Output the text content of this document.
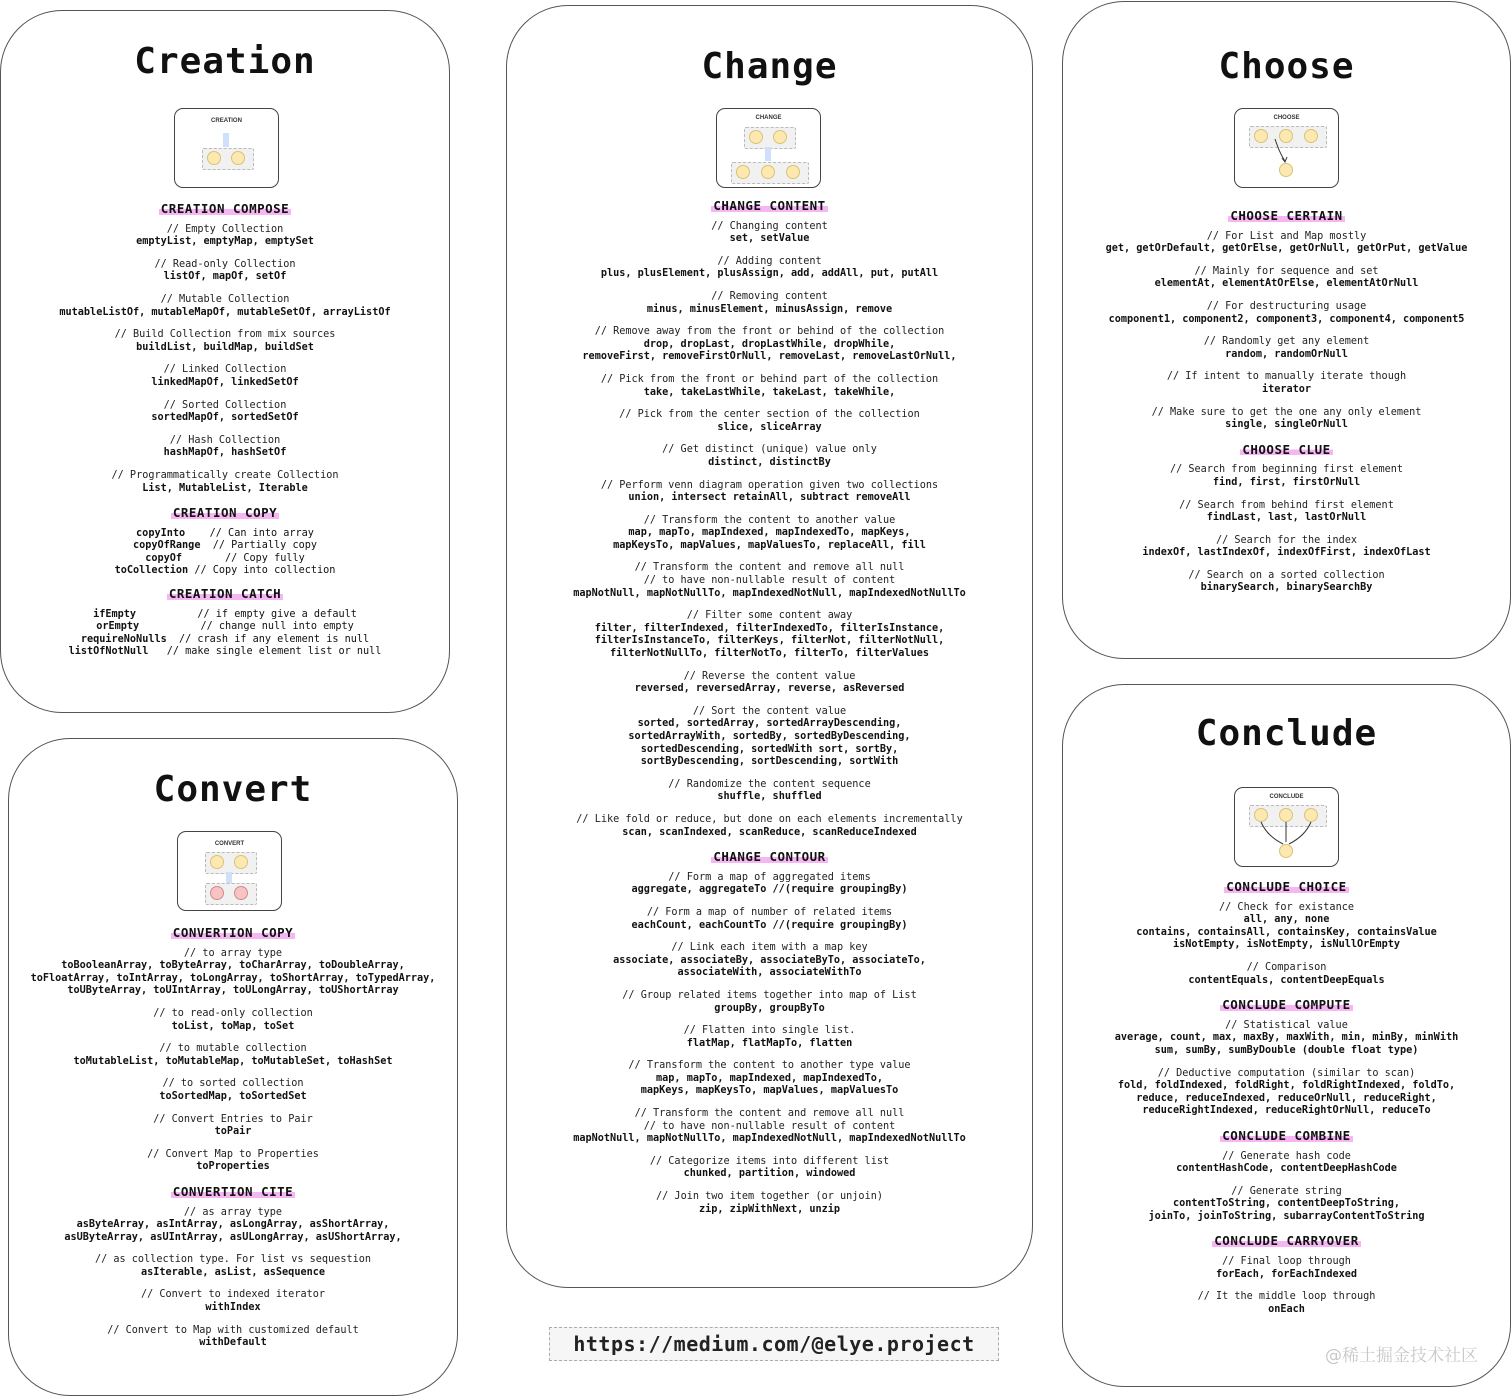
Creation
CREATION
CREATION COMPOSE
// Empty Collection
emptyList, emptyMap, emptySet
// Read-only Collection
listOf, mapOf, setOf
// Mutable Collection
mutableListOf, mutableMapOf, mutableSetOf, arrayListOf
// Build Collection from mix sources
buildList, buildMap, buildSet
// Linked Collection
linkedMapOf, linkedSetOf
// Sorted Collection
sortedMapOf, sortedSetOf
// Hash Collection
hashMapOf, hashSetOf
// Programmatically create Collection
List, MutableList, Iterable
CREATION COPY
copyInto    // Can into array
copyOfRange  // Partially copy
copyOf       // Copy fully
toCollection // Copy into collection
CREATION CATCH
ifEmpty          // if empty give a default
orEmpty          // change null into empty
requireNoNulls  // crash if any element is null
listOfNotNull   // make single element list or null
Convert
CONVERT
CONVERTION COPY
// to array type
toBooleanArray, toByteArray, toCharArray, toDoubleArray,
toFloatArray, toIntArray, toLongArray, toShortArray, toTypedArray,
toUByteArray, toUIntArray, toULongArray, toUShortArray
// to read-only collection
toList, toMap, toSet
// to mutable collection
toMutableList, toMutableMap, toMutableSet, toHashSet
// to sorted collection
toSortedMap, toSortedSet
// Convert Entries to Pair
toPair
// Convert Map to Properties
toProperties
CONVERTION CITE
// as array type
asByteArray, asIntArray, asLongArray, asShortArray,
asUByteArray, asUIntArray, asULongArray, asUShortArray,
// as collection type. For list vs sequestion
asIterable, asList, asSequence
// Convert to indexed iterator
withIndex
// Convert to Map with customized default
withDefault
Change
CHANGE
CHANGE CONTENT
// Changing content
set, setValue
// Adding content
plus, plusElement, plusAssign, add, addAll, put, putAll
// Removing content
minus, minusElement, minusAssign, remove
// Remove away from the front or behind of the collection
drop, dropLast, dropLastWhile, dropWhile,
removeFirst, removeFirstOrNull, removeLast, removeLastOrNull,
// Pick from the front or behind part of the collection
take, takeLastWhile, takeLast, takeWhile,
// Pick from the center section of the collection
slice, sliceArray
// Get distinct (unique) value only
distinct, distinctBy
// Perform venn diagram operation given two collections
union, intersect retainAll, subtract removeAll
// Transform the content to another value
map, mapTo, mapIndexed, mapIndexedTo, mapKeys,
mapKeysTo, mapValues, mapValuesTo, replaceAll, fill
// Transform the content and remove all null
// to have non-nullable result of content
mapNotNull, mapNotNullTo, mapIndexedNotNull, mapIndexedNotNullTo
// Filter some content away
filter, filterIndexed, filterIndexedTo, filterIsInstance,
filterIsInstanceTo, filterKeys, filterNot, filterNotNull,
filterNotNullTo, filterNotTo, filterTo, filterValues
// Reverse the content value
reversed, reversedArray, reverse, asReversed
// Sort the content value
sorted, sortedArray, sortedArrayDescending,
sortedArrayWith, sortedBy, sortedByDescending,
sortedDescending, sortedWith sort, sortBy,
sortByDescending, sortDescending, sortWith
// Randomize the content sequence
shuffle, shuffled
// Like fold or reduce, but done on each elements incrementally
scan, scanIndexed, scanReduce, scanReduceIndexed
CHANGE CONTOUR
// Form a map of aggregated items
aggregate, aggregateTo //(require groupingBy)
// Form a map of number of related items
eachCount, eachCountTo //(require groupingBy)
// Link each item with a map key
associate, associateBy, associateByTo, associateTo,
associateWith, associateWithTo
// Group related items together into map of List
groupBy, groupByTo
// Flatten into single list.
flatMap, flatMapTo, flatten
// Transform the content to another type value
map, mapTo, mapIndexed, mapIndexedTo,
mapKeys, mapKeysTo, mapValues, mapValuesTo
// Transform the content and remove all null
// to have non-nullable result of content
mapNotNull, mapNotNullTo, mapIndexedNotNull, mapIndexedNotNullTo
// Categorize items into different list
chunked, partition, windowed
// Join two item together (or unjoin)
zip, zipWithNext, unzip
Choose
CHOOSE
CHOOSE CERTAIN
// For List and Map mostly
get, getOrDefault, getOrElse, getOrNull, getOrPut, getValue
// Mainly for sequence and set
elementAt, elementAtOrElse, elementAtOrNull
// For destructuring usage
component1, component2, component3, component4, component5
// Randomly get any element
random, randomOrNull
// If intent to manually iterate though
iterator
// Make sure to get the one any only element
single, singleOrNull
CHOOSE CLUE
// Search from beginning first element
find, first, firstOrNull
// Search from behind first element
findLast, last, lastOrNull
// Search for the index
indexOf, lastIndexOf, indexOfFirst, indexOfLast
// Search on a sorted collection
binarySearch, binarySearchBy
Conclude
CONCLUDE
CONCLUDE CHOICE
// Check for existance
all, any, none
contains, containsAll, containsKey, containsValue
isNotEmpty, isNotEmpty, isNullOrEmpty
// Comparison
contentEquals, contentDeepEquals
CONCLUDE COMPUTE
// Statistical value
average, count, max, maxBy, maxWith, min, minBy, minWith
sum, sumBy, sumByDouble (double float type)
// Deductive computation (similar to scan)
fold, foldIndexed, foldRight, foldRightIndexed, foldTo,
reduce, reduceIndexed, reduceOrNull, reduceRight,
reduceRightIndexed, reduceRightOrNull, reduceTo
CONCLUDE COMBINE
// Generate hash code
contentHashCode, contentDeepHashCode
// Generate string
contentToString, contentDeepToString,
joinTo, joinToString, subarrayContentToString
CONCLUDE CARRYOVER
// Final loop through
forEach, forEachIndexed
// It the middle loop through
onEach
https://medium.com/@elye.project	@稀土掘金技术社区
